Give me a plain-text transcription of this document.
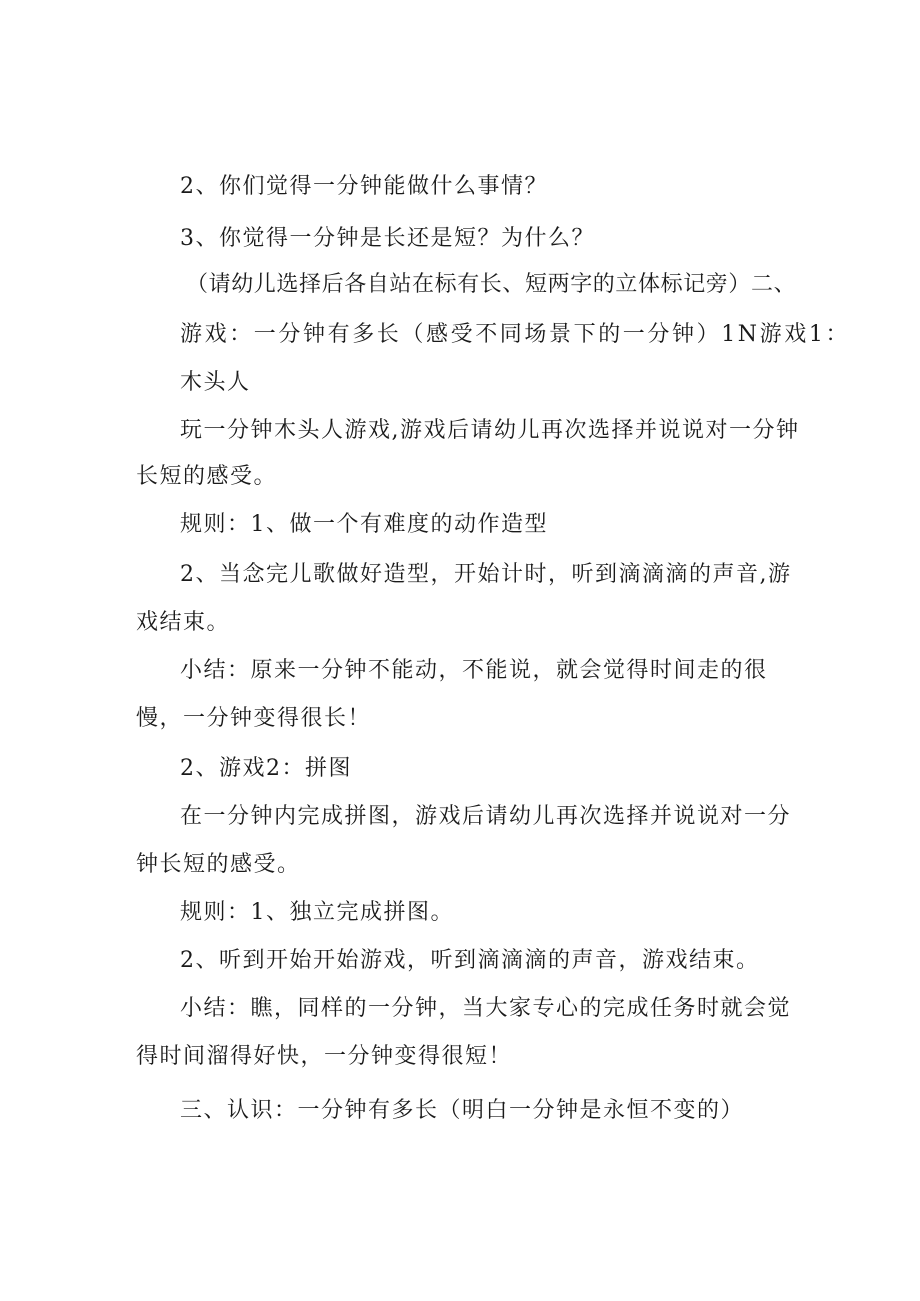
2、你们觉得一分钟能做什么事情？
3、你觉得一分钟是长还是短？为什么？
（请幼儿选择后各自站在标有长、短两字的立体标记旁）二、
游戏：一分钟有多长（感受不同场景下的一分钟）1N游戏1：
木头人
玩一分钟木头人游戏,游戏后请幼儿再次选择并说说对一分钟
长短的感受。
规则：1、做一个有难度的动作造型
2、当念完儿歌做好造型，开始计时，听到滴滴滴的声音,游
戏结束。
小结：原来一分钟不能动，不能说，就会觉得时间走的很
慢，一分钟变得很长！
2、游戏2：拼图
在一分钟内完成拼图，游戏后请幼儿再次选择并说说对一分
钟长短的感受。
规则：1、独立完成拼图。
2、听到开始开始游戏，听到滴滴滴的声音，游戏结束。
小结：瞧，同样的一分钟，当大家专心的完成任务时就会觉
得时间溜得好快，一分钟变得很短！
三、认识：一分钟有多长（明白一分钟是永恒不变的）
